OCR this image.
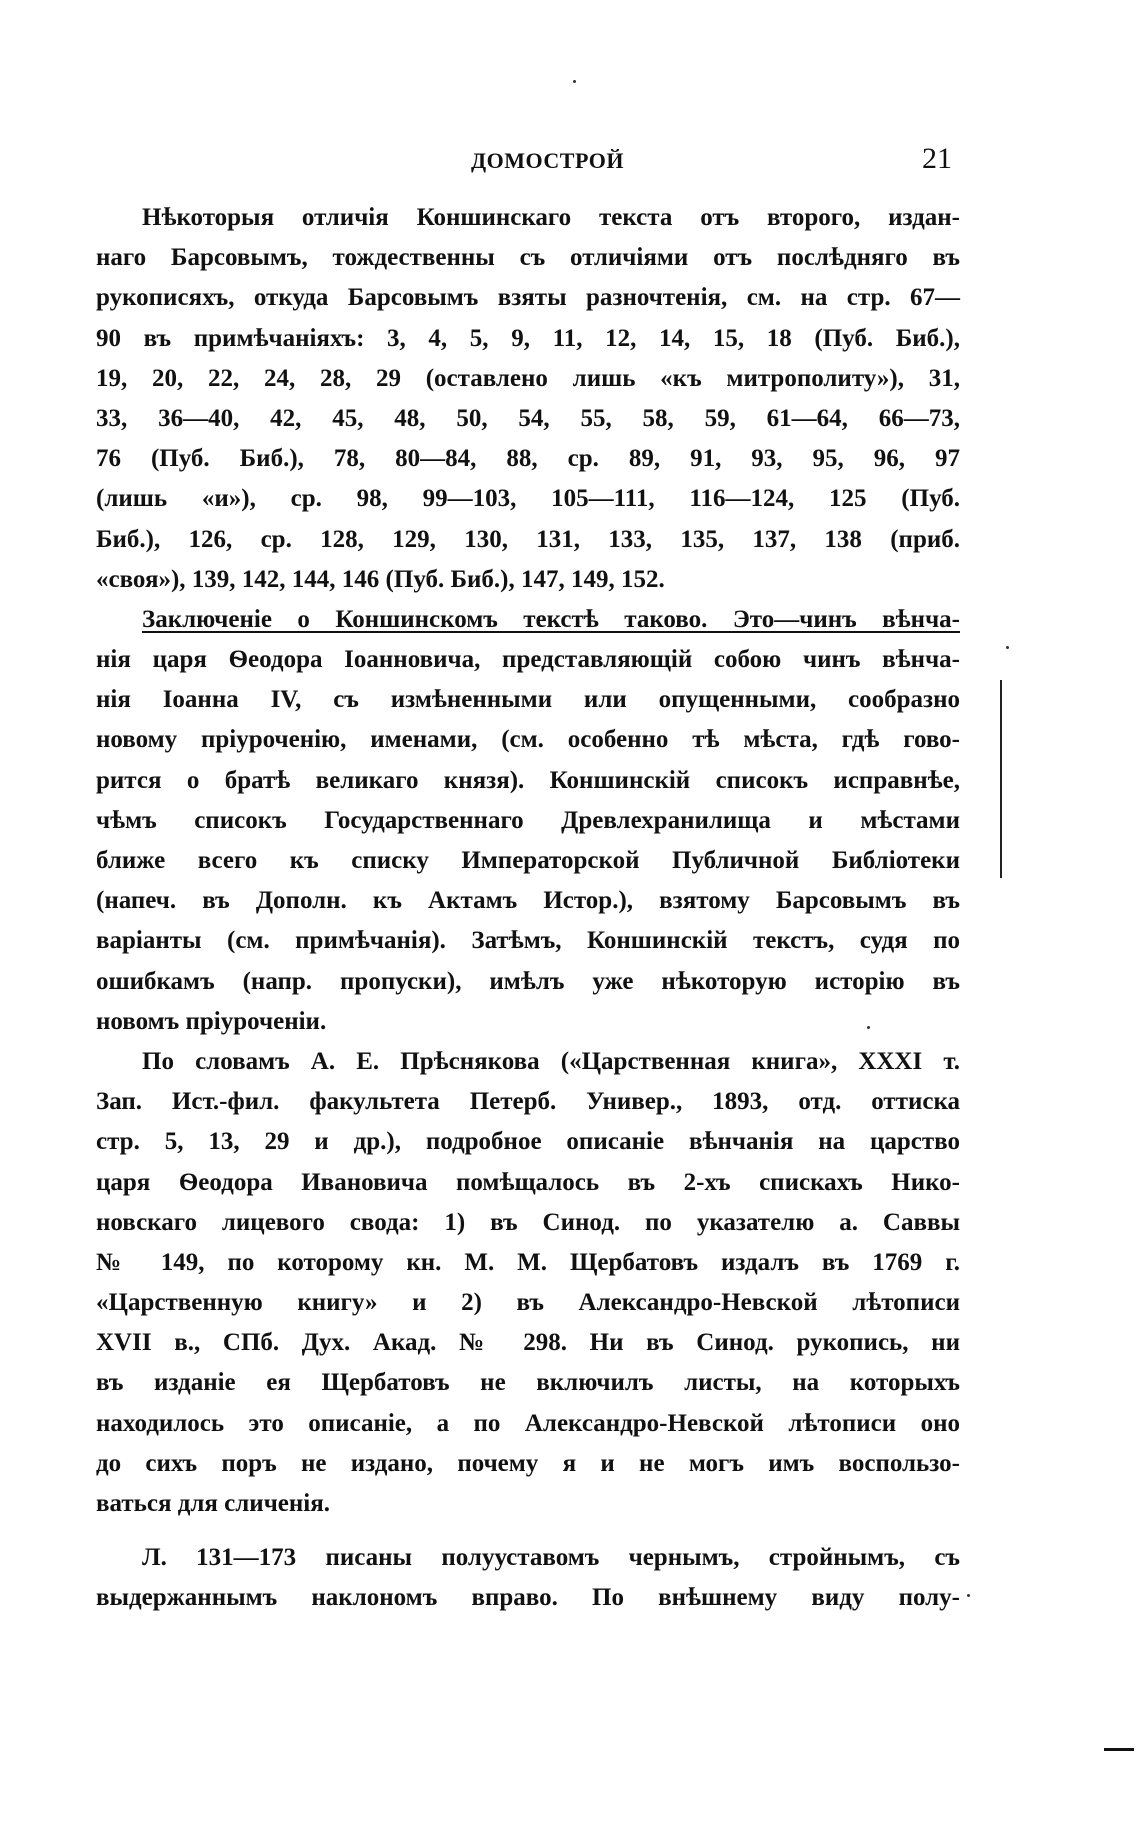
ДОМОСТРОЙ	21
Нѣкоторыя отличія Коншинскаго текста отъ второго, издан-
наго Барсовымъ, тождественны съ отличіями отъ послѣдняго въ
рукописяхъ, откуда Барсовымъ взяты разночтенія, см. на стр. 67—
90 въ примѣчаніяхъ: 3, 4, 5, 9, 11, 12, 14, 15, 18 (Пуб. Биб.),
19, 20, 22, 24, 28, 29 (оставлено лишь «къ митрополиту»), 31,
33, 36—40, 42, 45, 48, 50, 54, 55, 58, 59, 61—64, 66—73,
76 (Пуб. Биб.), 78, 80—84, 88, ср. 89, 91, 93, 95, 96, 97
(лишь «и»), ср. 98, 99—103, 105—111, 116—124, 125 (Пуб.
Биб.), 126, ср. 128, 129, 130, 131, 133, 135, 137, 138 (приб.
«своя»), 139, 142, 144, 146 (Пуб. Биб.), 147, 149, 152.
Заключеніе о Коншинскомъ текстѣ таково. Это—чинъ вѣнча-
нія царя Ѳеодора Іоанновича, представляющій собою чинъ вѣнча-
нія Іоанна IV, съ измѣненными или опущенными, сообразно
новому пріуроченію, именами, (см. особенно тѣ мѣста, гдѣ гово-
рится о братѣ великаго князя). Коншинскій списокъ исправнѣе,
чѣмъ списокъ Государственнаго Древлехранилища и мѣстами
ближе всего къ списку Императорской Публичной Библіотеки
(напеч. въ Дополн. къ Актамъ Истор.), взятому Барсовымъ въ
варіанты (см. примѣчанія). Затѣмъ, Коншинскій текстъ, судя по
ошибкамъ (напр. пропуски), имѣлъ уже нѣкоторую исторію въ
новомъ пріуроченіи.
По словамъ А. Е. Прѣснякова («Царственная книга», XXXI т.
Зап. Ист.-фил. факультета Петерб. Универ., 1893, отд. оттиска
стр. 5, 13, 29 и др.), подробное описаніе вѣнчанія на царство
царя Ѳеодора Ивановича помѣщалось въ 2-хъ спискахъ Нико-
новскаго лицевого свода: 1) въ Синод. по указателю а. Саввы
№ 149, по которому кн. М. М. Щербатовъ издалъ въ 1769 г.
«Царственную книгу» и 2) въ Александро-Невской лѣтописи
XVII в., СПб. Дух. Акад. № 298. Ни въ Синод. рукопись, ни
въ изданіе ея Щербатовъ не включилъ листы, на которыхъ
находилось это описаніе, а по Александро-Невской лѣтописи оно
до сихъ поръ не издано, почему я и не могъ имъ воспользо-
ваться для сличенія.
Л. 131—173 писаны полууставомъ чернымъ, стройнымъ, съ
выдержаннымъ наклономъ вправо. По внѣшнему виду полу-
